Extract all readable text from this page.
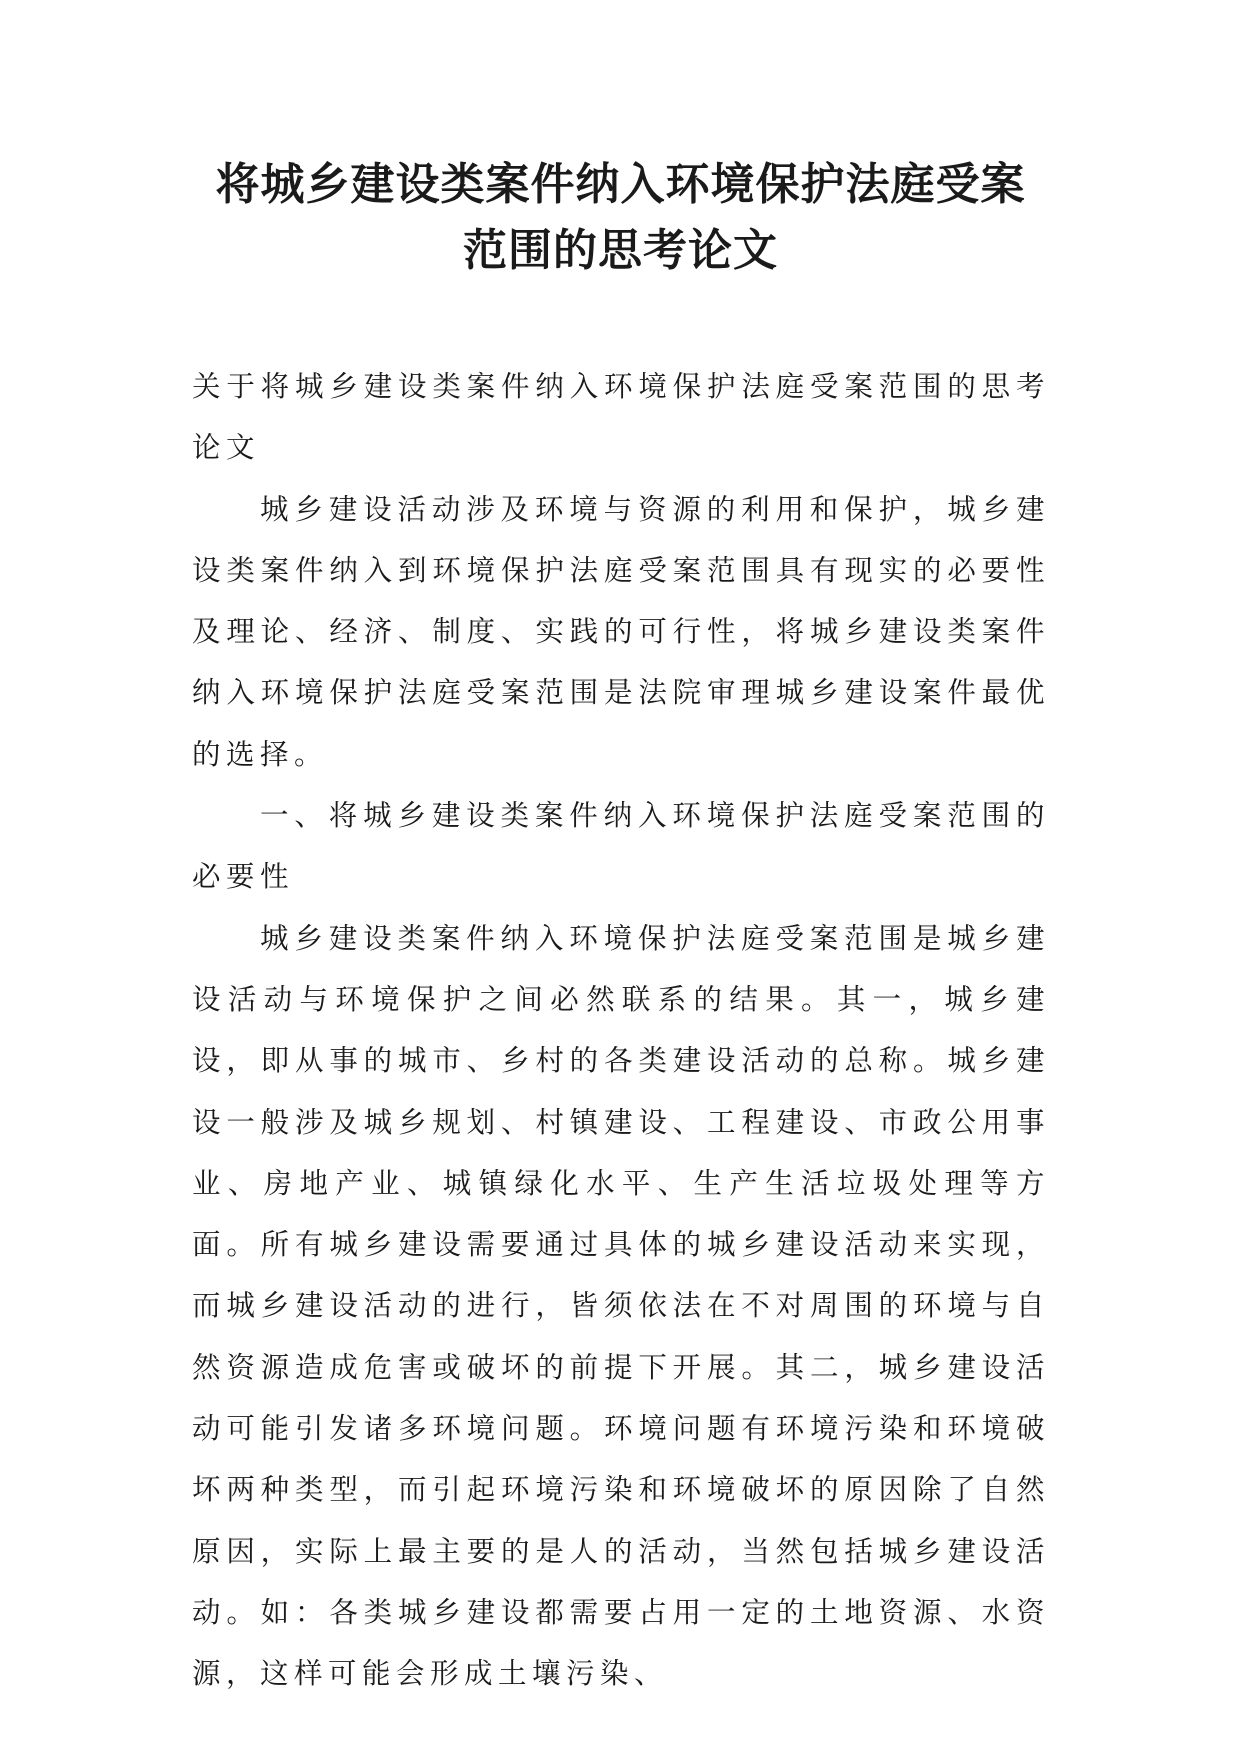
将城乡建设类案件纳入环境保护法庭受案
范围的思考论文

关于将城乡建设类案件纳入环境保护法庭受案范围的思考论文

城乡建设活动涉及环境与资源的利用和保护，城乡建设类案件纳入到环境保护法庭受案范围具有现实的必要性及理论、经济、制度、实践的可行性，将城乡建设类案件纳入环境保护法庭受案范围是法院审理城乡建设案件最优的选择。

一、将城乡建设类案件纳入环境保护法庭受案范围的必要性

城乡建设类案件纳入环境保护法庭受案范围是城乡建设活动与环境保护之间必然联系的结果。其一，城乡建设，即从事的城市、乡村的各类建设活动的总称。城乡建设一般涉及城乡规划、村镇建设、工程建设、市政公用事业、房地产业、城镇绿化水平、生产生活垃圾处理等方面。所有城乡建设需要通过具体的城乡建设活动来实现，而城乡建设活动的进行，皆须依法在不对周围的环境与自然资源造成危害或破坏的前提下开展。其二，城乡建设活动可能引发诸多环境问题。环境问题有环境污染和环境破坏两种类型，而引起环境污染和环境破坏的原因除了自然原因，实际上最主要的是人的活动，当然包括城乡建设活动。如：各类城乡建设都需要占用一定的土地资源、水资源，这样可能会形成土壤污染、
